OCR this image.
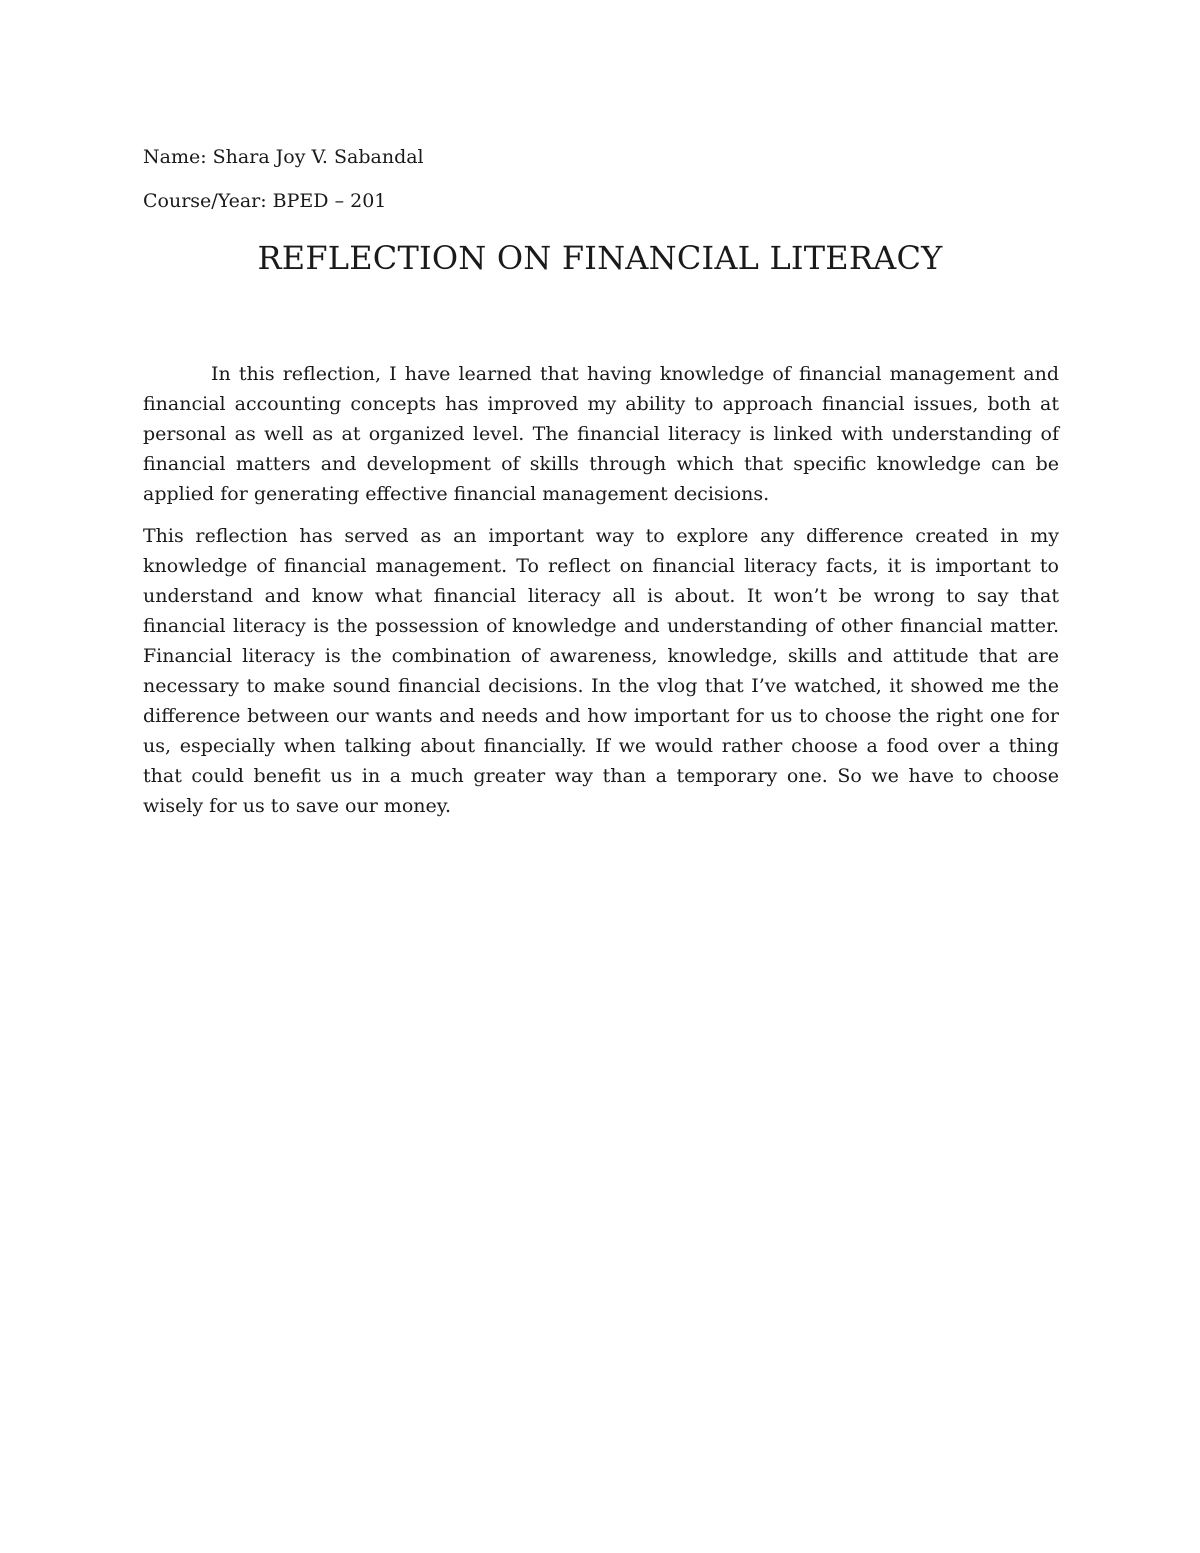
Name: Shara Joy V. Sabandal
Course/Year: BPED – 201
REFLECTION ON FINANCIAL LITERACY

In this reflection, I have learned that having knowledge of financial management and financial accounting concepts has improved my ability to approach financial issues, both at personal as well as at organized level. The financial literacy is linked with understanding of financial matters and development of skills through which that specific knowledge can be applied for generating effective financial management decisions.

This reflection has served as an important way to explore any difference created in my knowledge of financial management. To reflect on financial literacy facts, it is important to understand and know what financial literacy all is about. It won’t be wrong to say that financial literacy is the possession of knowledge and understanding of other financial matter. Financial literacy is the combination of awareness, knowledge, skills and attitude that are necessary to make sound financial decisions. In the vlog that I’ve watched, it showed me the difference between our wants and needs and how important for us to choose the right one for us, especially when talking about financially. If we would rather choose a food over a thing that could benefit us in a much greater way than a temporary one. So we have to choose wisely for us to save our money.
